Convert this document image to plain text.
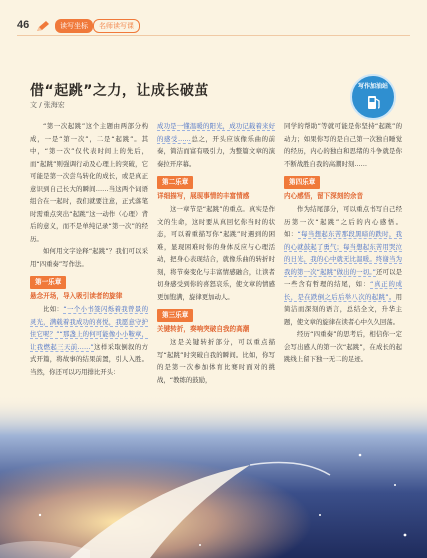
46	读写坐标	名师读写课
借“起跳”之力，让成长破茧
文 / 张海宏
写作加油站

“第一次起跳”这个主题由两部分构成，一是“第一次”，二是“起跳”。其中，“第一次”仅代表时间上的先后，而“起跳”则强调行动及心理上的突破，它可能是第一次尝鸟转化的成长，或是真正意识到自己长大的瞬间……当这两个词语组合在一起时，我们就要注意，正式落笔时需重点突出“起跳”这一动作（心理）背后的意义，而不是单纯记录“第一次”的经历。

如何用文字诠释“起跳”？我们可以采用“四重奏”写作法。

第一乐章
悬念开场，导入吸引读者的旋律

比如：“一个小书签闪烁着我曾景的灵光，满载着我成功的喜悦，我愿意守护住它呢？”“那盏上的何可能像小小鞍章，让我燃起三天前……”这样采取倒叙的方式开篇，将故事的结果前置，引人入胜。当然，你还可以巧用排比开头：

成功是一懂温暖的阳光，成功记载着来好的感受……总之，开头应该像乐曲的前奏，简洁而富有吸引力，为整篇文章的演奏拉开序幕。

第二乐章
详细描写，展现事情的丰富情感

这一章节是“起跳”的重点。真实是作文的生命，这时要从真回忆你当时的状态，可以着重描写你“起跳”时遇到的困难，显现困难时你的身体反应与心理活动，把身心表现结合，就像乐曲的转折时刻，将节奏变化与丰富情感融合，让读者切身感受到你的喜怒哀乐，使文章的情感更加饱满，旋律更加动人。

第三乐章
关键转折，奏响突破自我的高潮

这是关键转折部分，可以重点描写“起跳”时突破自我的瞬间。比如，你写的是第一次参加体育比赛时面对的挑战，“教练的鼓励，

同学的帮助”等就可能是你坚持“起跳”的动力；如果你写的是自己第一次独自睡觉的经历，内心的独白和思绪的斗争就是你不断战胜自我的高潮时刻……

第四乐章
内心感悟，留下深刻的余音

作为结尾部分，可以重点书写自己经历第一次“起跳”之后的内心感悟。如：“每当想起东苦那段黑暗的跌时，我的心就鼓起了勇气；每当想起东苦用哭泣的日光，我的心中就无比温暖。终谢当为我的第一次“起跳”做出的一切。”还可以是一些含有哲理的结尾，如：“真正的成长，是在跌倒之后后举八次的起跳”。用简洁而深刻的语言，总结全文，升华主题，使文章的旋律在读者心中久久回荡。

经历“四重奏”的思考后，相信你一定会写出感人的第一次“起跳”，在成长的起跳线上留下独一无二的足迹。
